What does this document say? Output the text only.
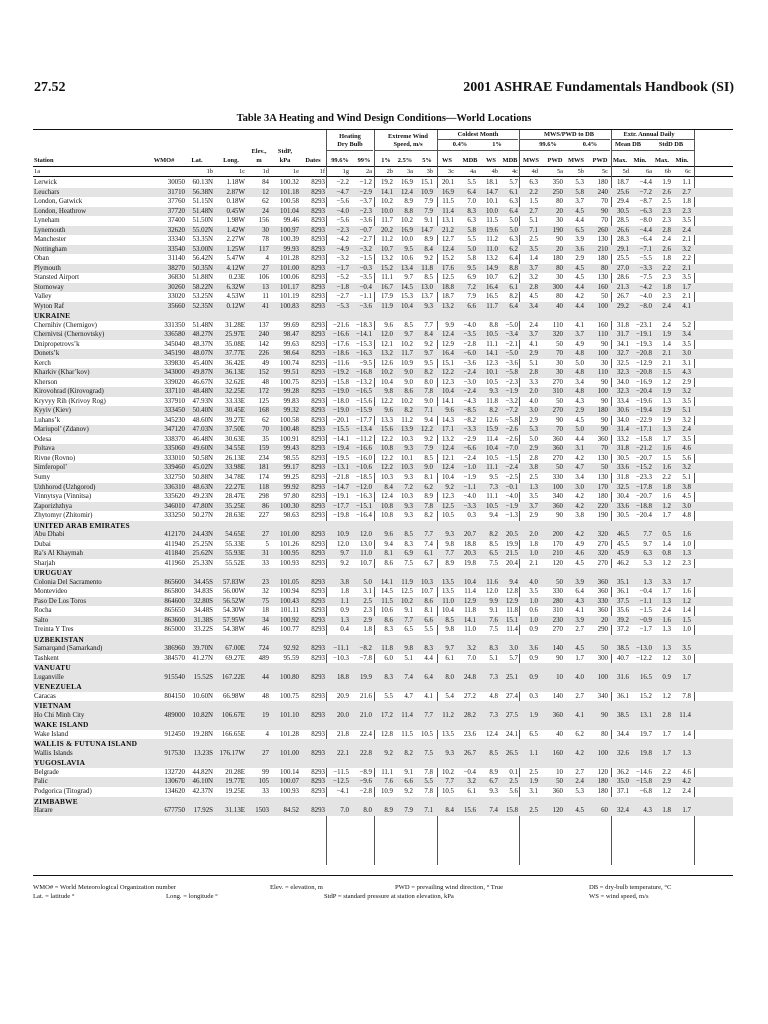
27.52	2001 ASHRAE Fundamentals Handbook (SI)
Table 3A Heating and Wind Design Conditions—World Locations
Heating
Dry Bulb
Extreme Wind
Speed, m/s
Coldest Month	MWS/PWD to DB	Extr. Annual Daily
0.4%	1%	99.6%	0.4%	Mean DB	StdD DB
Station	WMO#	Lat.	Long.
Elev.,
m
StdP,
kPa Dates 99.6% 99% 1% 2.5% 5% WS MDB WS MDB MWS PWD MWS PWD Max. Min. Max. Min.
1a	1b	1c	1d	1e	1f	1g	2a	2b	3a	3b	3c	4a	4b	4c	4d	5a	5b	5c	5d	6a	6b	6c
Lerwick	30050 60.13N 1.18W 84 100.32 8293 −2.2 −1.2 19.2 16.9 15.1 20.1 5.5 18.1 5.7 6.3 350 5.3 180 18.7 −4.4 1.9 1.1
Leuchars	31710 56.38N 2.87W 12 101.18 8293 −4.7 −2.9 14.1 12.4 10.9 16.9 6.4 14.7 6.1 2.2 250 5.8 240 25.6 −7.2 2.6 2.7
London, Gatwick	37760 51.15N 0.18W 62 100.58 8293 −5.6 −3.7 10.2 8.9 7.9 11.5 7.0 10.1 6.3 1.5	80 3.7 70 29.4 −8.7 2.5 1.8
London, Heathrow	37720 51.48N 0.45W 24 101.04 8293 −4.0 −2.3 10.0 8.8 7.9 11.4 8.3 10.0 6.4 2.7	20 4.5 90 30.5 −6.3 2.3 2.3
Lyneham	37400 51.50N 1.98W 156 99.46 8293 −5.6 −3.6 11.7 10.2 9.1 13.1 6.3 11.5 5.0 5.1	30 4.4 70 28.5 −8.0 2.3 3.5
Lynemouth	32620 55.02N 1.42W 30 100.97 8293 −2.3 −0.7 20.2 16.9 14.7 21.2 5.8 19.6 5.0 7.1 190 6.5 260 26.6 −4.4 2.8 2.4
Manchester	33340 53.35N 2.27W 78 100.39 8293 −4.2 −2.7 11.2 10.0 8.9 12.7 5.5 11.2 6.3 2.5	90 3.9 130 28.3 −6.4 2.4 2.1
Nottingham	33540 53.00N 1.25W 117 99.93 8293 −4.9 −3.2 10.7 9.5 8.4 12.4 5.0 11.0 6.2 3.5	20 3.6 210 29.1 −7.1 2.6 3.2
Oban	31140 56.42N 5.47W	4 101.28 8293 −3.2 −1.5 13.2 10.6 9.2 15.2 5.8 13.2 6.4 1.4 180 2.9 180 25.5 −5.5 1.8 2.2
Plymouth	38270 50.35N 4.12W 27 101.00 8293 −1.7 −0.3 15.2 13.4 11.8 17.6 9.5 14.9 8.8 3.7	80 4.5 80 27.0 −3.3 2.2 2.1
Stansted Airport	36830 51.88N 0.23E 106 100.06 8293 −5.2 −3.5 11.1 9.7 8.5 12.5 6.9 10.7 6.2 3.2	30 4.5 130 28.6 −7.5 2.3 3.5
Stornoway	30260 58.22N 6.32W 13 101.17 8293 −1.8 −0.4 16.7 14.5 13.0 18.8 7.2 16.4 6.1 2.8 300 4.4 160 21.3 −4.2 1.8 1.7
Valley	33020 53.25N 4.53W	11 101.19 8293 −2.7 −1.1 17.9 15.3 13.7 18.7 7.9 16.5 8.2 4.5	80 4.2 50 26.7 −4.0 2.3 2.1
Wyton Raf	35660 52.35N 0.12W 41 100.83 8293 −5.3 −3.6 11.9 10.4 9.3 13.2 6.6 11.7 6.4 3.4	40 4.4 100 29.2 −8.0 2.4 4.1
UKRAINE
Chernihiv (Chernigov)	331350 51.48N 31.28E 137 99.69 8293 −21.6 −18.3 9.6 8.5 7.7 9.9 −4.0 8.8 −5.0 2.4 110 4.1 160 31.8 −23.1 2.4 5.2
Chernivtsi (Chernovtsky)	336580 48.27N 25.97E 240 98.47 8293 −16.6 −14.1 12.0 9.7 8.4 12.4 −3.5 10.5 −3.4 3.7 320 3.7 110 31.7 −19.1 1.9 3.4
Dnipropetrovs’k	345040 48.37N 35.08E 142 99.63 8293 −17.6 −15.3 12.1 10.2 9.2 12.9 −2.8 11.1 −2.1 4.1	50 4.9 90 34.1 −19.3 1.4 3.5
Donets’k	345190 48.07N 37.77E 226 98.64 8293 −18.6 −16.3 13.2 11.7 9.7 16.4 −6.0 14.1 −5.0 2.9	70 4.8 100 32.7 −20.8 2.1 3.0
Kerch	339830 45.40N 36.42E 49 100.74 8293 −11.6 −9.5 12.6 10.9 9.5 15.1 −3.6 12.3 −3.6 5.1	30 5.0 30 32.5 −12.9 2.1 3.1
Kharkiv (Khar’kov)	343000 49.87N 36.13E 152 99.51 8293 −19.2 −16.8 10.2 9.0 8.2 12.2 −2.4 10.1 −5.8 2.8	30 4.8 110 32.3 −20.8 1.5 4.3
Kherson	339020 46.67N 32.62E 48 100.75 8293 −15.8 −13.2 10.4 9.0 8.0 12.3 −3.0 10.5 −2.3 3.3 270 3.4 90 34.0 −16.9 1.2 2.9
Kirovohrad (Kirovograd)	337110 48.48N 32.25E 172 99.28 8293 −19.0 −16.5 9.8 8.6 7.8 10.4 −2.4 9.3 −1.9 2.0 310 4.8 100 32.3 −20.4 1.9 3.2
Kryvyy Rih (Krivoy Rog)	337910 47.93N 33.33E 125 99.83 8293 −18.0 −15.6 12.2 10.2 9.0 14.1 −4.3 11.8 −3.2 4.0	50 4.3 90 33.4 −19.6 1.3 3.5
Kyyiv (Kiev)	333450 50.40N 30.45E 168 99.32 8293 −19.0 −15.9 9.6 8.2 7.1 9.6 −8.5 8.2 −7.2 3.0 270 2.9 180 30.6 −19.4 1.9 5.1
Luhans’k	345230 48.60N 39.27E 62 100.58 8293 −20.1 −17.7 13.3 11.2 9.4 14.3 −8.2 12.6 −5.8 2.9	90 4.5 90 34.0 −22.9 1.9 3.2
Mariupol’ (Zdanov)	347120 47.03N 37.50E 70 100.48 8293 −15.5 −13.4 15.6 13.9 12.2 17.1 −3.3 15.9 −2.6 5.3	70 5.0 90 31.4 −17.1 1.3 2.4
Odesa	338370 46.48N 30.63E 35 100.91 8293 −14.1 −11.2 12.2 10.3 9.2 13.2 −2.9 11.4 −2.6 5.0 360 4.4 360 33.2 −15.8 1.7 3.5
Poltava	335060 49.60N 34.55E 159 99.43 8293 −19.4 −16.6 10.8 9.3 7.9 12.4 −6.6 10.4 −7.0 2.9 360 3.1 70 31.8 −21.2 1.6 4.6
Rivne (Rovno)	333010 50.58N 26.13E 234 98.55 8293 −19.5 −16.0 12.2 10.1 8.5 12.1 −2.4 10.5 −1.5 2.8 270 4.2 130 30.5 −20.7 1.5 5.6
Simferopol’	339460 45.02N 33.98E 181 99.17 8293 −13.1 −10.6 12.2 10.3 9.0 12.4 −1.0 11.1 −2.4 3.8	50 4.7 50 33.6 −15.2 1.6 3.2
Sumy	332750 50.88N 34.78E 174 99.25 8293 −21.8 −18.5 10.3 9.3 8.1 10.4 −1.9 9.5 −2.5 2.5 330 3.4 130 31.8 −23.3 2.2 5.1
Uzhhorod (Uzhgorod)	336310 48.63N 22.27E 118 99.92 8293 −14.7 −12.0 8.4 7.2 6.2 9.2 −1.1 7.3 −0.1 1.3 100 3.0 170 32.5 −17.8 1.8 3.8
Vinnytsya (Vinnitsa)	335620 49.23N 28.47E 298 97.80 8293 −19.1 −16.3 12.4 10.3 8.9 12.3 −4.0 11.1 −4.0 3.5 340 4.2 180 30.4 −20.7 1.6 4.5
Zaporizhzhya	346010 47.80N 35.25E 86 100.30 8293 −17.7 −15.1 10.8 9.3 7.8 12.5 −3.3 10.5 −1.9 3.7 360 4.2 220 33.6 −18.8 1.2 3.0
Zhytomyr (Zhitomir)	333250 50.27N 28.63E 227 98.63 8293 −19.8 −16.4 10.8 9.3 8.2 10.5 0.3 9.4 −1.3 2.9	90 3.8 190 30.5 −20.4 1.7 4.8
UNITED ARAB EMIRATES
Abu Dhabi	412170 24.43N 54.65E 27 101.00 8293 10.9 12.0 9.6 8.5 7.7 9.3 20.7 8.2 20.5 2.0 200 4.2 320 46.5 7.7 0.5 1.6
Dubai	411940 25.25N 55.33E	5 101.26 8293 12.0 13.0 9.4 8.3 7.4 9.8 18.8 8.5 19.9 1.8 170 4.9 270 45.5 9.7 1.4 1.0
Ra’s Al Khaymah	411840 25.62N 55.93E 31 100.95 8293 9.7 11.0 8.1 6.9 6.1 7.7 20.3 6.5 21.5 1.0 210 4.6 320 45.9 6.3 0.8 1.3
Sharjah	411960 25.33N 55.52E 33 100.93 8293 9.2 10.7 8.6 7.5 6.7 8.9 19.8 7.5 20.4 2.1 120 4.5 270 46.2 5.3 1.2 2.3
URUGUAY
Colonia Del Sacramento	865600 34.45S 57.83W 23 101.05 8293 3.8 5.0 14.1 11.9 10.3 13.5 10.4 11.6 9.4 4.0	50 3.9 360 35.1 1.3 3.3 1.7
Montevideo	865800 34.83S 56.00W 32 100.94 8293 1.8 3.1 14.5 12.5 10.7 13.5 11.4 12.0 12.8 3.5 330 6.4 360 36.1 −0.4 1.7 1.6
Paso De Los Toros	864600 32.80S 56.52W 75 100.43 8293 1.1 2.5 11.5 10.2 8.6 11.0 12.9 9.9 12.9 1.0 280 4.3 330 37.5 −1.1 1.3 1.2
Rocha	865650 34.48S 54.30W 18 101.11 8293 0.9 2.3 10.6 9.1 8.1 10.4 11.8 9.1 11.8 0.6 310 4.1 360 35.6 −1.5 2.4 1.4
Salto	863600 31.38S 57.95W 34 100.92 8293 1.3 2.9 8.6 7.7 6.6 8.5 14.1 7.6 15.1 1.0 230 3.9 20 39.2 −0.9 1.6 1.5
Treinta Y Tres	865000 33.22S 54.38W 46 100.77 8293 0.4 1.8 8.3 6.5 5.5 9.8 11.0 7.5 11.4 0.9 270 2.7 290 37.2 −1.7 1.3 1.0
UZBEKISTAN
Samarqand (Samarkand)	386960 39.70N 67.00E 724 92.92 8293 −11.1 −8.2 11.8 9.8 8.3 9.7 3.2 8.3 3.0 3.6 140 4.5 50 38.5 −13.0 1.3 3.5
Tashkent	384570 41.27N 69.27E 489 95.59 8293 −10.3 −7.8 6.0 5.1 4.4 6.1 7.0 5.1 5.7 0.9	90 1.7 300 40.7 −12.2 1.2 3.0
VANUATU
Luganville	915540 15.52S 167.22E 44 100.80 8293 18.8 19.9 8.3 7.4 6.4 8.0 24.8 7.3 25.1 0.9	10 4.0 100 31.6 16.5 0.9 1.7
VENEZUELA
Caracas	804150 10.60N 66.98W 48 100.75 8293 20.9 21.6 5.5 4.7 4.1 5.4 27.2 4.8 27.4 0.3 140 2.7 340 36.1 15.2 1.2 7.8
VIETNAM
Ho Chi Minh City	489000 10.82N 106.67E 19 101.10 8293 20.0 21.0 17.2 11.4 7.7 11.2 28.2 7.3 27.5 1.9 360 4.1 90 38.5 13.1 2.8 11.4
WAKE ISLAND
Wake Island	912450 19.28N 166.65E	4 101.28 8293 21.8 22.4 12.8 11.5 10.5 13.5 23.6 12.4 24.1 6.5	40 6.2 80 34.4 19.7 1.7 1.4
WALLIS & FUTUNA ISLAND
Wallis Islands	917530 13.23S 176.17W 27 101.00 8293 22.1 22.8 9.2 8.2 7.5 9.3 26.7 8.5 26.5 1.1 160 4.2 100 32.6 19.8 1.7 1.3
YUGOSLAVIA
Belgrade	132720 44.82N 20.28E 99 100.14 8293 −11.5 −8.9 11.1 9.1 7.8 10.2 −0.4 8.9 0.1 2.5	10 2.7 120 36.2 −14.6 2.2 4.6
Palic	130670 46.10N 19.77E 105 100.07 8293 −12.5 −9.6 7.6 6.6 5.5 7.7 3.2 6.7 2.5 1.9	50 2.4 180 35.0 −15.8 2.9 4.2
Podgorica (Titograd)	134620 42.37N 19.25E 33 100.93 8293 −4.1 −2.8 10.9 9.2 7.8 10.5 6.1 9.3 5.6 3.1 360 5.3 180 37.1 −6.8 1.2 2.4
ZIMBABWE
Harare	677750 17.92S 31.13E 1503 84.52 8293 7.0 8.0 8.9 7.9 7.1 8.4 15.6 7.4 15.8 2.5 120 4.5 60 32.4 4.3 1.8 1.7
WMO# = World Meteorological Organization number
Lat. = latitude °	Long. = longitude °
Elev. = elevation, m	PWD = prevailing wind direction, ° True
StdP = standard pressure at station elevation, kPa
DB = dry-bulb temperature, °C
WS = wind speed, m/s
